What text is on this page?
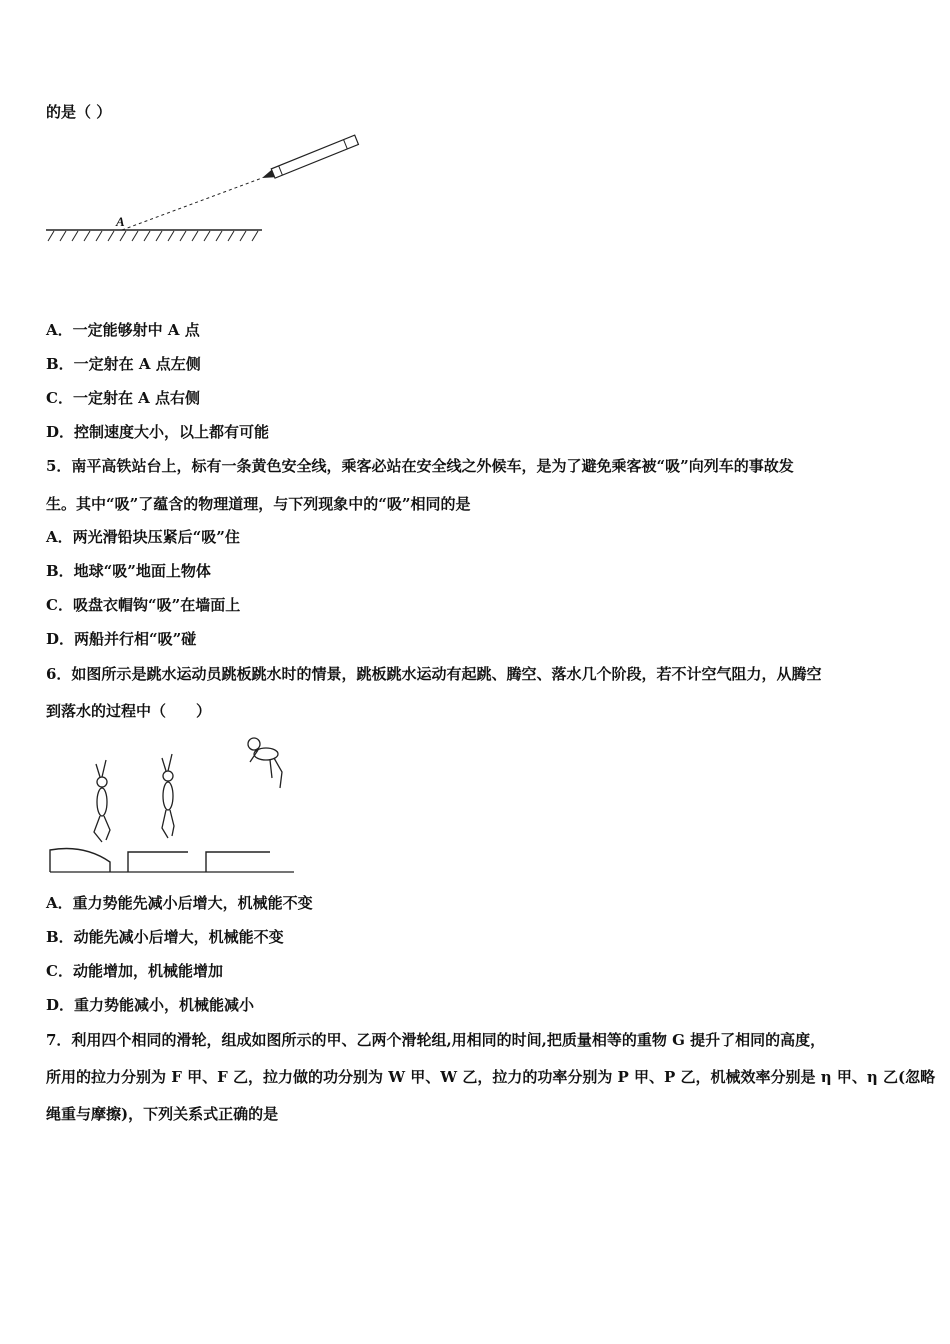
的是（ ）
A
A．一定能够射中 A 点
B．一定射在 A 点左侧
C．一定射在 A 点右侧
D．控制速度大小，以上都有可能
5．南平高铁站台上，标有一条黄色安全线，乘客必站在安全线之外候车，是为了避免乘客被“吸”向列车的事故发
生。其中“吸”了蕴含的物理道理，与下列现象中的“吸”相同的是
A．两光滑铅块压紧后“吸”住
B．地球“吸”地面上物体
C．吸盘衣帽钩“吸”在墙面上
D．两船并行相“吸”碰
6．如图所示是跳水运动员跳板跳水时的情景，跳板跳水运动有起跳、腾空、落水几个阶段，若不计空气阻力，从腾空
到落水的过程中（　　）
A．重力势能先减小后增大，机械能不变
B．动能先减小后增大，机械能不变
C．动能增加，机械能增加
D．重力势能减小，机械能减小
7．利用四个相同的滑轮，组成如图所示的甲、乙两个滑轮组,用相同的时间,把质量相等的重物 G 提升了相同的高度，
所用的拉力分别为 F 甲、F 乙，拉力做的功分别为 W 甲、W 乙，拉力的功率分别为 P 甲、P 乙，机械效率分别是 η 甲、η 乙(忽略
绳重与摩擦)，下列关系式正确的是
